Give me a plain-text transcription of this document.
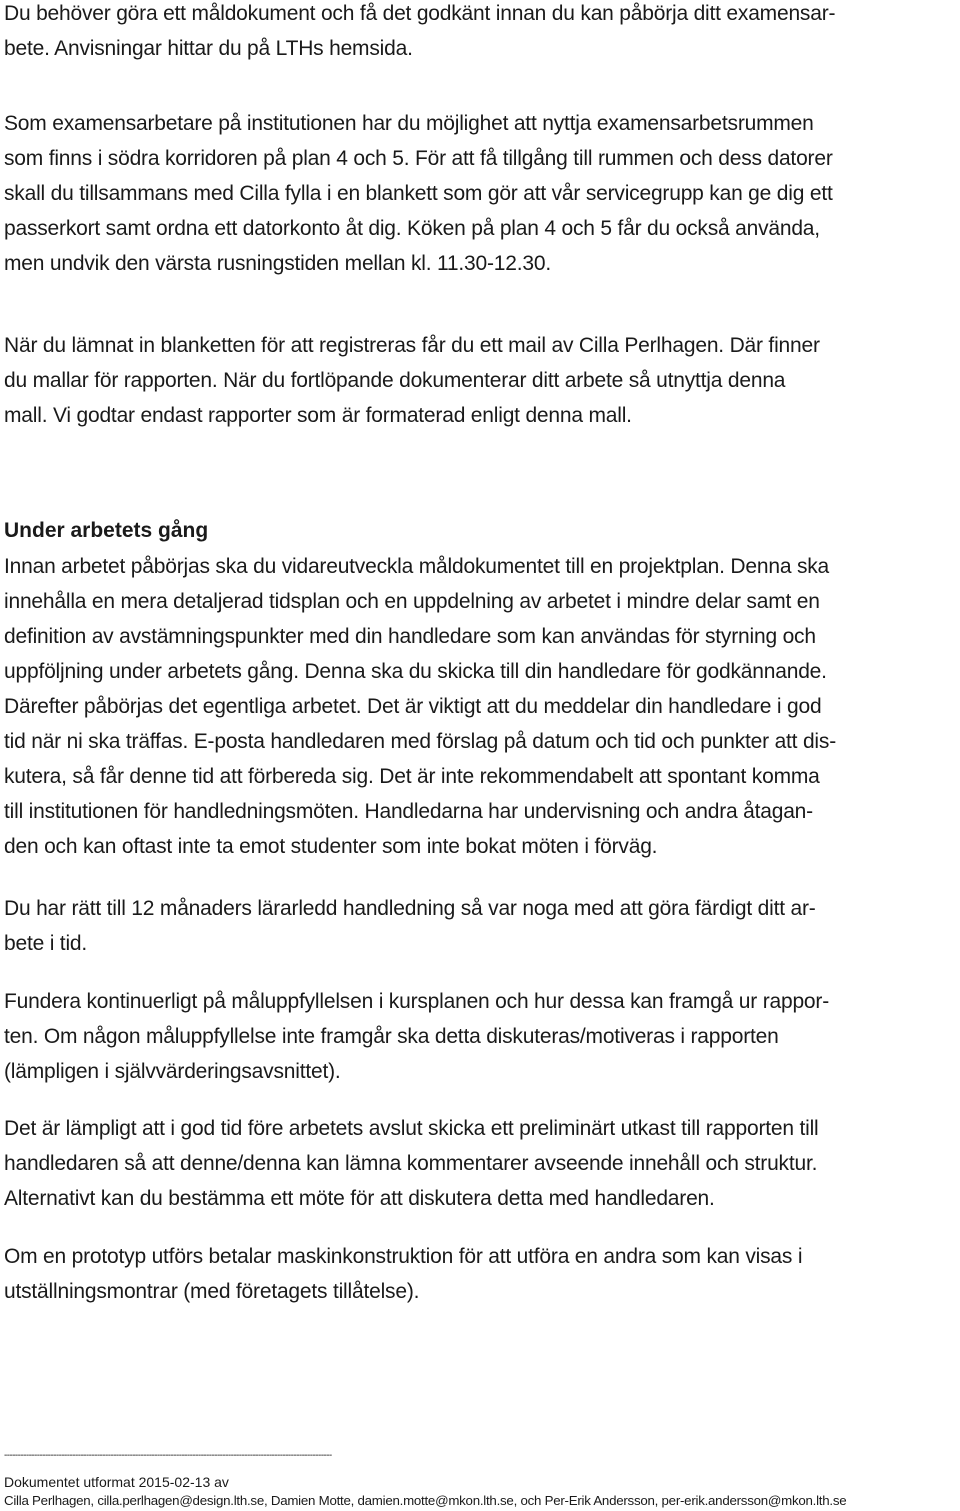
Du behöver göra ett måldokument och få det godkänt innan du kan påbörja ditt examensar-
bete. Anvisningar hittar du på LTHs hemsida.
Som examensarbetare på institutionen har du möjlighet att nyttja examensarbetsrummen
som finns i södra korridoren på plan 4 och 5. För att få tillgång till rummen och dess datorer
skall du tillsammans med Cilla fylla i en blankett som gör att vår servicegrupp kan ge dig ett
passerkort samt ordna ett datorkonto åt dig. Köken på plan 4 och 5 får du också använda,
men undvik den värsta rusningstiden mellan kl. 11.30-12.30.
När du lämnat in blanketten för att registreras får du ett mail av Cilla Perlhagen. Där finner
du mallar för rapporten. När du fortlöpande dokumenterar ditt arbete så utnyttja denna
mall. Vi godtar endast rapporter som är formaterad enligt denna mall.
Under arbetets gång
Innan arbetet påbörjas ska du vidareutveckla måldokumentet till en projektplan. Denna ska
innehålla en mera detaljerad tidsplan och en uppdelning av arbetet i mindre delar samt en
definition av avstämningspunkter med din handledare som kan användas för styrning och
uppföljning under arbetets gång. Denna ska du skicka till din handledare för godkännande.
Därefter påbörjas det egentliga arbetet. Det är viktigt att du meddelar din handledare i god
tid när ni ska träffas. E-posta handledaren med förslag på datum och tid och punkter att dis-
kutera, så får denne tid att förbereda sig. Det är inte rekommendabelt att spontant komma
till institutionen för handledningsmöten. Handledarna har undervisning och andra åtagan-
den och kan oftast inte ta emot studenter som inte bokat möten i förväg.
Du har rätt till 12 månaders lärarledd handledning så var noga med att göra färdigt ditt ar-
bete i tid.
Fundera kontinuerligt på måluppfyllelsen i kursplanen och hur dessa kan framgå ur rappor-
ten. Om någon måluppfyllelse inte framgår ska detta diskuteras/motiveras i rapporten
(lämpligen i självvärderingsavsnittet).
Det är lämpligt att i god tid före arbetets avslut skicka ett preliminärt utkast till rapporten till
handledaren så att denne/denna kan lämna kommentarer avseende innehåll och struktur.
Alternativt kan du bestämma ett möte för att diskutera detta med handledaren.
Om en prototyp utförs betalar maskinkonstruktion för att utföra en andra som kan visas i
utställningsmontrar (med företagets tillåtelse).
------------------------------------------------------------------------------------------------------------------------
Dokumentet utformat 2015-02-13 av
Cilla Perlhagen, cilla.perlhagen@design.lth.se, Damien Motte, damien.motte@mkon.lth.se, och Per-Erik Andersson, per-erik.andersson@mkon.lth.se
